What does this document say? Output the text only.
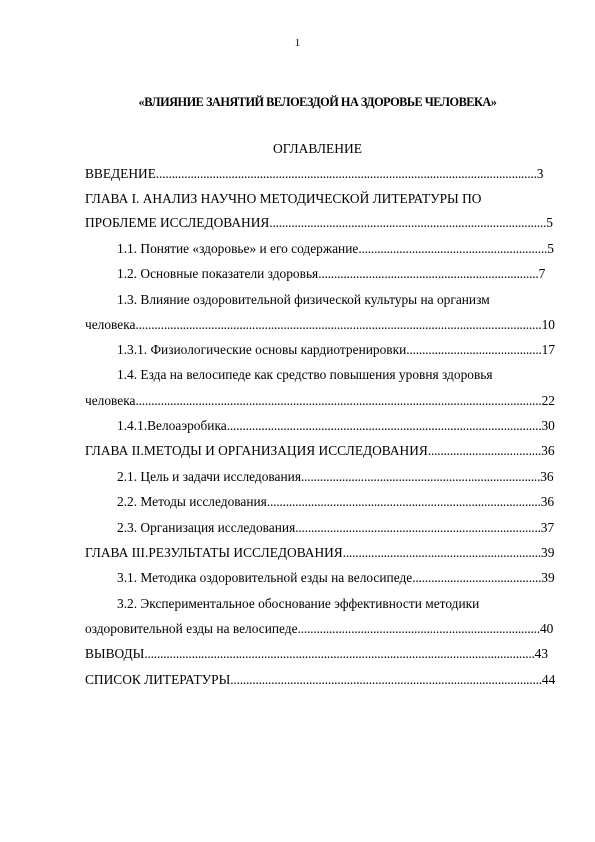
1
«ВЛИЯНИЕ ЗАНЯТИЙ ВЕЛОЕЗДОЙ НА ЗДОРОВЬЕ ЧЕЛОВЕКА»
ОГЛАВЛЕНИЕ
ВВЕДЕНИЕ.........................................................................................................................3
ГЛАВА I. АНАЛИЗ НАУЧНО МЕТОДИЧЕСКОЙ ЛИТЕРАТУРЫ ПО
ПРОБЛЕМЕ ИССЛЕДОВАНИЯ........................................................................................5
1.1. Понятие «здоровье» и его содержание............................................................5
1.2. Основные показатели здоровья......................................................................7
1.3. Влияние оздоровительной физической культуры на организм
человека.................................................................................................................................10
1.3.1. Физиологические основы кардиотренировки...........................................17
1.4. Езда на велосипеде как средство повышения уровня здоровья
человека.................................................................................................................................22
1.4.1.Велоаэробика....................................................................................................30
ГЛАВА II.МЕТОДЫ И ОРГАНИЗАЦИЯ ИССЛЕДОВАНИЯ....................................36
2.1. Цель и задачи исследования............................................................................36
2.2. Методы исследования.......................................................................................36
2.3. Организация исследования..............................................................................37
ГЛАВА III.РЕЗУЛЬТАТЫ ИССЛЕДОВАНИЯ...............................................................39
3.1. Методика оздоровительной езды на велосипеде.........................................39
3.2. Экспериментальное обоснование эффективности методики
оздоровительной езды на велосипеде.............................................................................40
ВЫВОДЫ............................................................................................................................43
СПИСОК ЛИТЕРАТУРЫ...................................................................................................44
